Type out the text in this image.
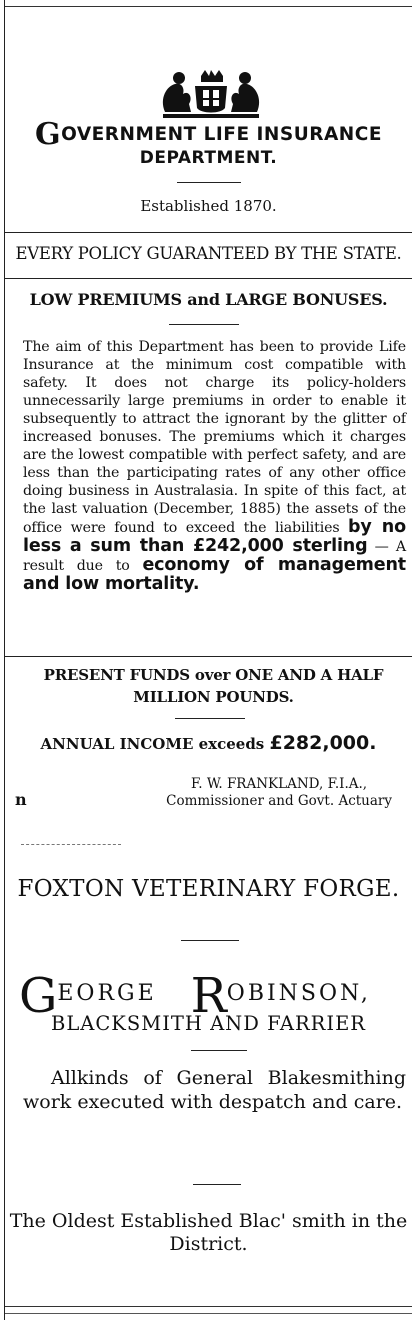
GOVERNMENT LIFE INSURANCE
DEPARTMENT.
Established 1870.
EVERY POLICY GUARANTEED BY THE STATE.
LOW PREMIUMS and LARGE BONUSES.
The aim of this Department has been to provide Life Insurance at the minimum cost compatible with safety. It does not charge its policy-holders unnecessarily large premiums in order to enable it subsequently to attract the ignorant by the glitter of increased bonuses. The premiums which it charges are the lowest compatible with perfect safety, and are less than the participating rates of any other office doing business in Australasia. In spite of this fact, at the last valuation (December, 1885) the assets of the office were found to exceed the liabilities by no less a sum than £242,000 sterling — A result due to economy of management and low mortality.
PRESENT FUNDS over ONE AND A HALF MILLION POUNDS.
ANNUAL INCOME exceeds £282,000.
n
F. W. FRANKLAND, F.I.A.,
Commissioner and Govt. Actuary
FOXTON VETERINARY FORGE.
GEORGE ROBINSON,
BLACKSMITH AND FARRIER
Allkinds of General Blakesmithing work executed with despatch and care.
The Oldest Established Blac' smith in the District.
